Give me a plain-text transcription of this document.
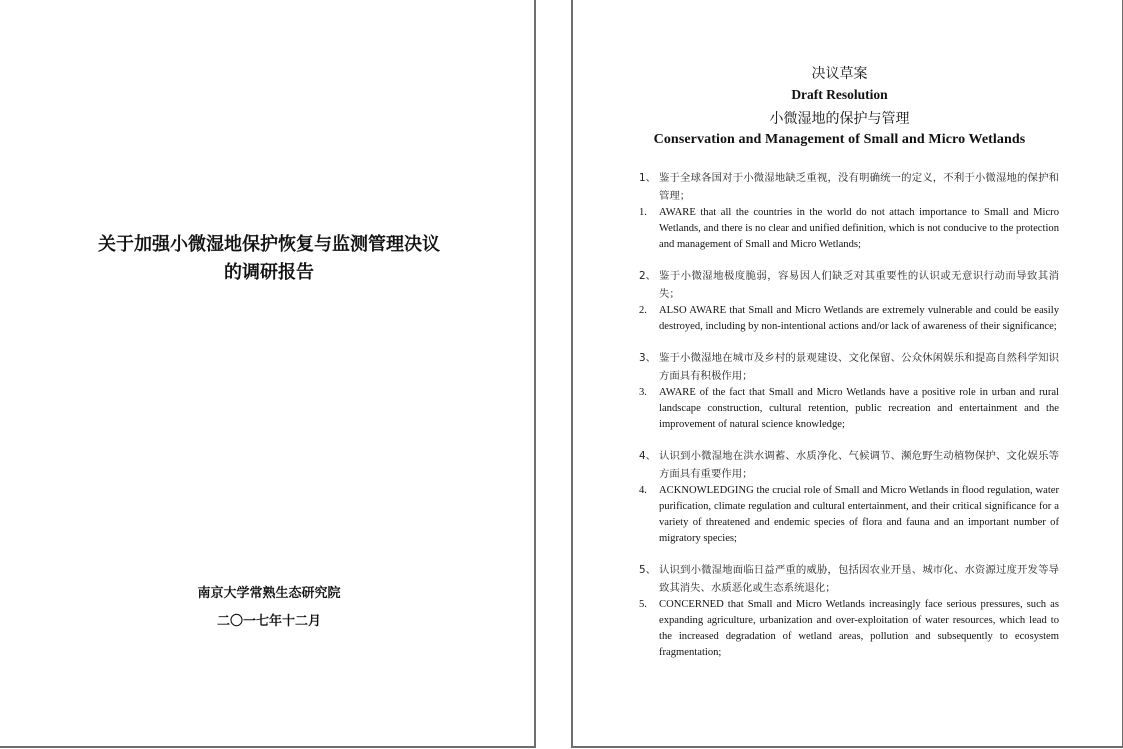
关于加强小微湿地保护恢复与监测管理决议
的调研报告
南京大学常熟生态研究院
二〇一七年十二月
决议草案
Draft Resolution
小微湿地的保护与管理
Conservation and Management of Small and Micro Wetlands
1、 鉴于全球各国对于小微湿地缺乏重视，没有明确统一的定义，不利于小微湿地的保护和管理；
1. AWARE that all the countries in the world do not attach importance to Small and Micro Wetlands, and there is no clear and unified definition, which is not conducive to the protection and management of Small and Micro Wetlands;
2、 鉴于小微湿地极度脆弱，容易因人们缺乏对其重要性的认识或无意识行动而导致其消失；
2. ALSO AWARE that Small and Micro Wetlands are extremely vulnerable and could be easily destroyed, including by non-intentional actions and/or lack of awareness of their significance;
3、 鉴于小微湿地在城市及乡村的景观建设、文化保留、公众休闲娱乐和提高自然科学知识方面具有积极作用；
3. AWARE of the fact that Small and Micro Wetlands have a positive role in urban and rural landscape construction, cultural retention, public recreation and entertainment and the improvement of natural science knowledge;
4、 认识到小微湿地在洪水调蓄、水质净化、气候调节、濒危野生动植物保护、文化娱乐等方面具有重要作用；
4. ACKNOWLEDGING the crucial role of Small and Micro Wetlands in flood regulation, water purification, climate regulation and cultural entertainment, and their critical significance for a variety of threatened and endemic species of flora and fauna and an important number of migratory species;
5、 认识到小微湿地面临日益严重的威胁，包括因农业开垦、城市化、水资源过度开发等导致其消失、水质恶化或生态系统退化；
5. CONCERNED that Small and Micro Wetlands increasingly face serious pressures, such as expanding agriculture, urbanization and over-exploitation of water resources, which lead to the increased degradation of wetland areas, pollution and subsequently to ecosystem fragmentation;
